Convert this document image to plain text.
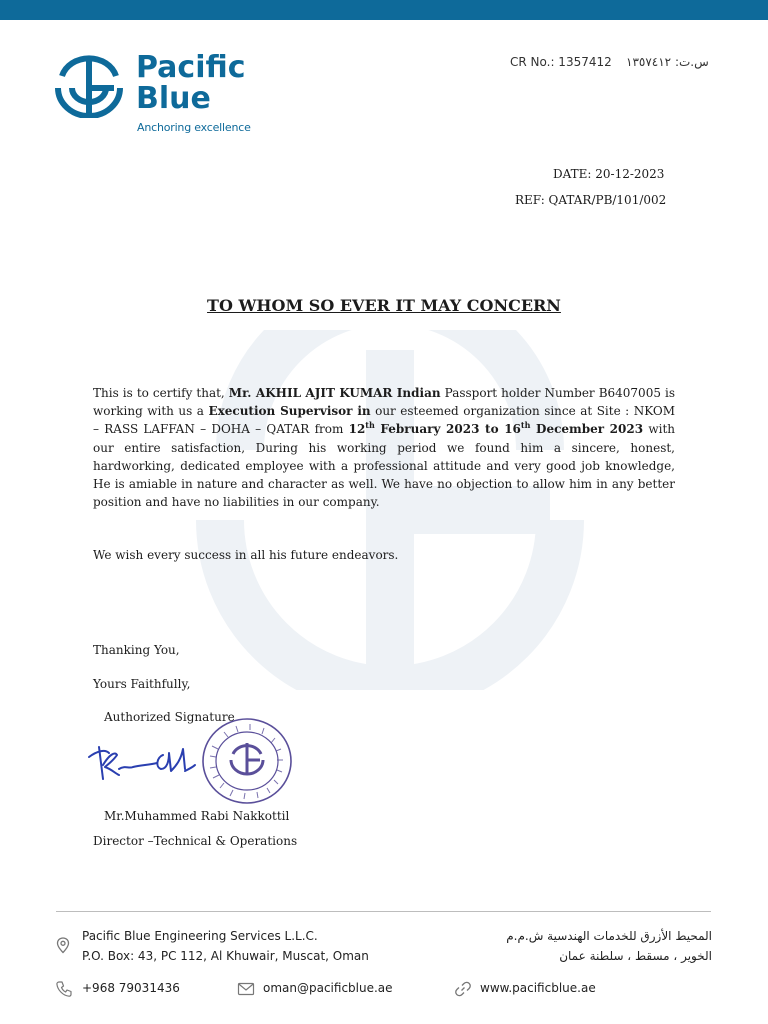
Pacific
Blue
Anchoring excellence
CR No.: 1357412 س.ت: ١٣٥٧٤١٢
DATE: 20-12-2023
REF: QATAR/PB/101/002
TO WHOM SO EVER IT MAY CONCERN
This is to certify that, Mr. AKHIL AJIT KUMAR Indian Passport holder Number B6407005 is working with us a Execution Supervisor in our esteemed organization since at Site : NKOM – RASS LAFFAN – DOHA – QATAR from 12th February 2023 to 16th December 2023 with our entire satisfaction, During his working period we found him a sincere, honest, hardworking, dedicated employee with a professional attitude and very good job knowledge, He is amiable in nature and character as well. We have no objection to allow him in any better position and have no liabilities in our company.
We wish every success in all his future endeavors.
Thanking You,
Yours Faithfully,
Authorized Signature
Mr.Muhammed Rabi Nakkottil
Director –Technical & Operations
Pacific Blue Engineering Services L.L.C.
P.O. Box: 43, PC 112, Al Khuwair, Muscat, Oman
المحيط الأزرق للخدمات الهندسية ش.م.م
الخوير ، مسقط ، سلطنة عمان
+968 79031436	oman@pacificblue.ae	www.pacificblue.ae
